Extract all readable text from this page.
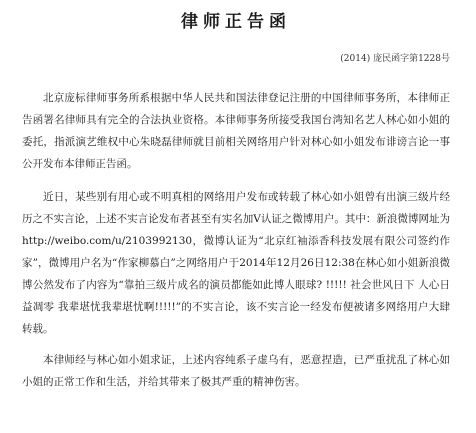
律师正告函
(2014) 庞民函字第1228号

北京庞标律师事务所系根据中华人民共和国法律登记注册的中国律师事务所，本律师正告函署名律师具有完全的合法执业资格。本律师事务所接受我国台湾知名艺人林心如小姐的委托，指派演艺维权中心朱晓磊律师就目前相关网络用户针对林心如小姐发布诽谤言论一事公开发布本律师正告函。

近日，某些别有用心或不明真相的网络用户发布或转载了林心如小姐曾有出演三级片经历之不实言论，上述不实言论发布者甚至有实名加V认证之微博用户。其中：新浪微博网址为http://weibo.com/u/2103992130，微博认证为“北京红袖添香科技发展有限公司签约作家”，微博用户名为“作家柳慕白”之网络用户于2014年12月26日12:38在林心如小姐新浪微博公然发布了内容为“靠拍三级片成名的演员都能如此博人眼球? !!!!! 社会世风日下 人心日益凋零 我辈堪忧我辈堪忧啊!!!!!”的不实言论，该不实言论一经发布便被诸多网络用户大肆转载。

本律师经与林心如小姐求证，上述内容纯系子虚乌有，恶意捏造，已严重扰乱了林心如小姐的正常工作和生活，并给其带来了极其严重的精神伤害。
